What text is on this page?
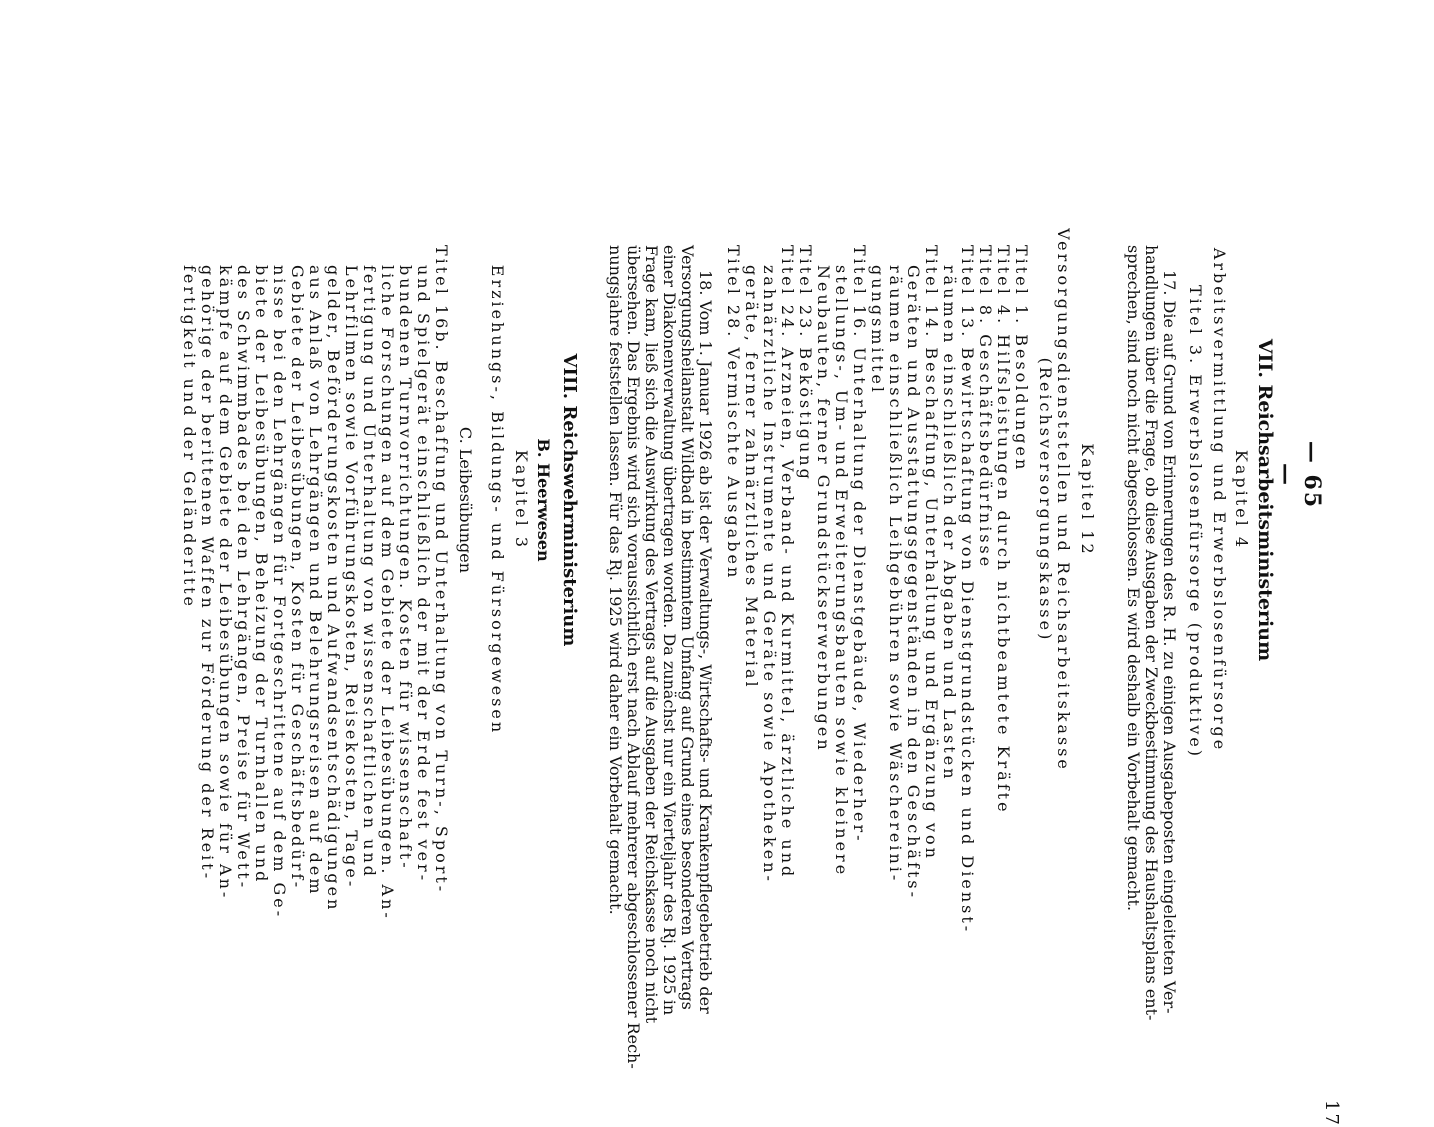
17
VII. Reichsarbeitsministerium
Kapitel 4
Arbeitsvermittlung und Erwerbslosenfürsorge
Titel 3. Erwerbslosenfürsorge (produktive)
17. Die auf Grund von Erinnerungen des R. H. zu einigen Ausgabeposten eingeleiteten Ver-
handlungen über die Frage, ob diese Ausgaben der Zweckbestimmung des Haushaltsplans ent-
sprechen, sind noch nicht abgeschlossen. Es wird deshalb ein Vorbehalt gemacht.
Kapitel 12
Versorgungsdienststellen und Reichsarbeitskasse
(Reichsversorgungskasse)
Titel 1. Besoldungen
Titel 4. Hilfsleistungen durch nichtbeamtete Kräfte
Titel 8. Geschäftsbedürfnisse
Titel 13. Bewirtschaftung von Dienstgrundstücken und Dienst-
räumen einschließlich der Abgaben und Lasten
Titel 14. Beschaffung, Unterhaltung und Ergänzung von
Geräten und Ausstattungsgegenständen in den Geschäfts-
räumen einschließlich Leihgebühren sowie Wäschereini-
gungsmittel
Titel 16. Unterhaltung der Dienstgebäude, Wiederher-
stellungs-, Um- und Erweiterungsbauten sowie kleinere
Neubauten, ferner Grundstückserwerbungen
Titel 23. Beköstigung
Titel 24. Arzneien, Verband- und Kurmittel, ärztliche und
zahnärztliche Instrumente und Geräte sowie Apotheken-
geräte, ferner zahnärztliches Material
Titel 28. Vermischte Ausgaben
18. Vom 1. Januar 1926 ab ist der Verwaltungs-, Wirtschafts- und Krankenpflegebetrieb der
Versorgungsheilanstalt Wildbad in bestimmtem Umfang auf Grund eines besonderen Vertrags
einer Diakonenverwaltung übertragen worden. Da zunächst nur ein Vierteljahr des Rj. 1925 in
Frage kam, ließ sich die Auswirkung des Vertrags auf die Ausgaben der Reichskasse noch nicht
übersehen. Das Ergebnis wird sich voraussichtlich erst nach Ablauf mehrerer abgeschlossener Rech-
nungsjahre feststellen lassen. Für das Rj. 1925 wird daher ein Vorbehalt gemacht.
VIII. Reichswehrministerium
B. Heerwesen
Kapitel 3
Erziehungs-, Bildungs- und Fürsorgewesen
C. Leibesübungen
Titel 16b. Beschaffung und Unterhaltung von Turn-, Sport-
und Spielgerät einschließlich der mit der Erde fest ver-
bundenen Turnvorrichtungen. Kosten für wissenschaft-
liche Forschungen auf dem Gebiete der Leibesübungen. An-
fertigung und Unterhaltung von wissenschaftlichen und
Lehrfilmen sowie Vorführungskosten, Reisekosten, Tage-
gelder, Beförderungskosten und Aufwandsentschädigungen
aus Anlaß von Lehrgängen und Belehrungsreisen auf dem
Gebiete der Leibesübungen, Kosten für Geschäftsbedürf-
nisse bei den Lehrgängen für Fortgeschrittene auf dem Ge-
biete der Leibesübungen, Beheizung der Turnhallen und
des Schwimmbades bei den Lehrgängen, Preise für Wett-
kämpfe auf dem Gebiete der Leibesübungen sowie für An-
gehörige der berittenen Waffen zur Förderung der Reit-
fertigkeit und der Geländeritte	— 65 —
